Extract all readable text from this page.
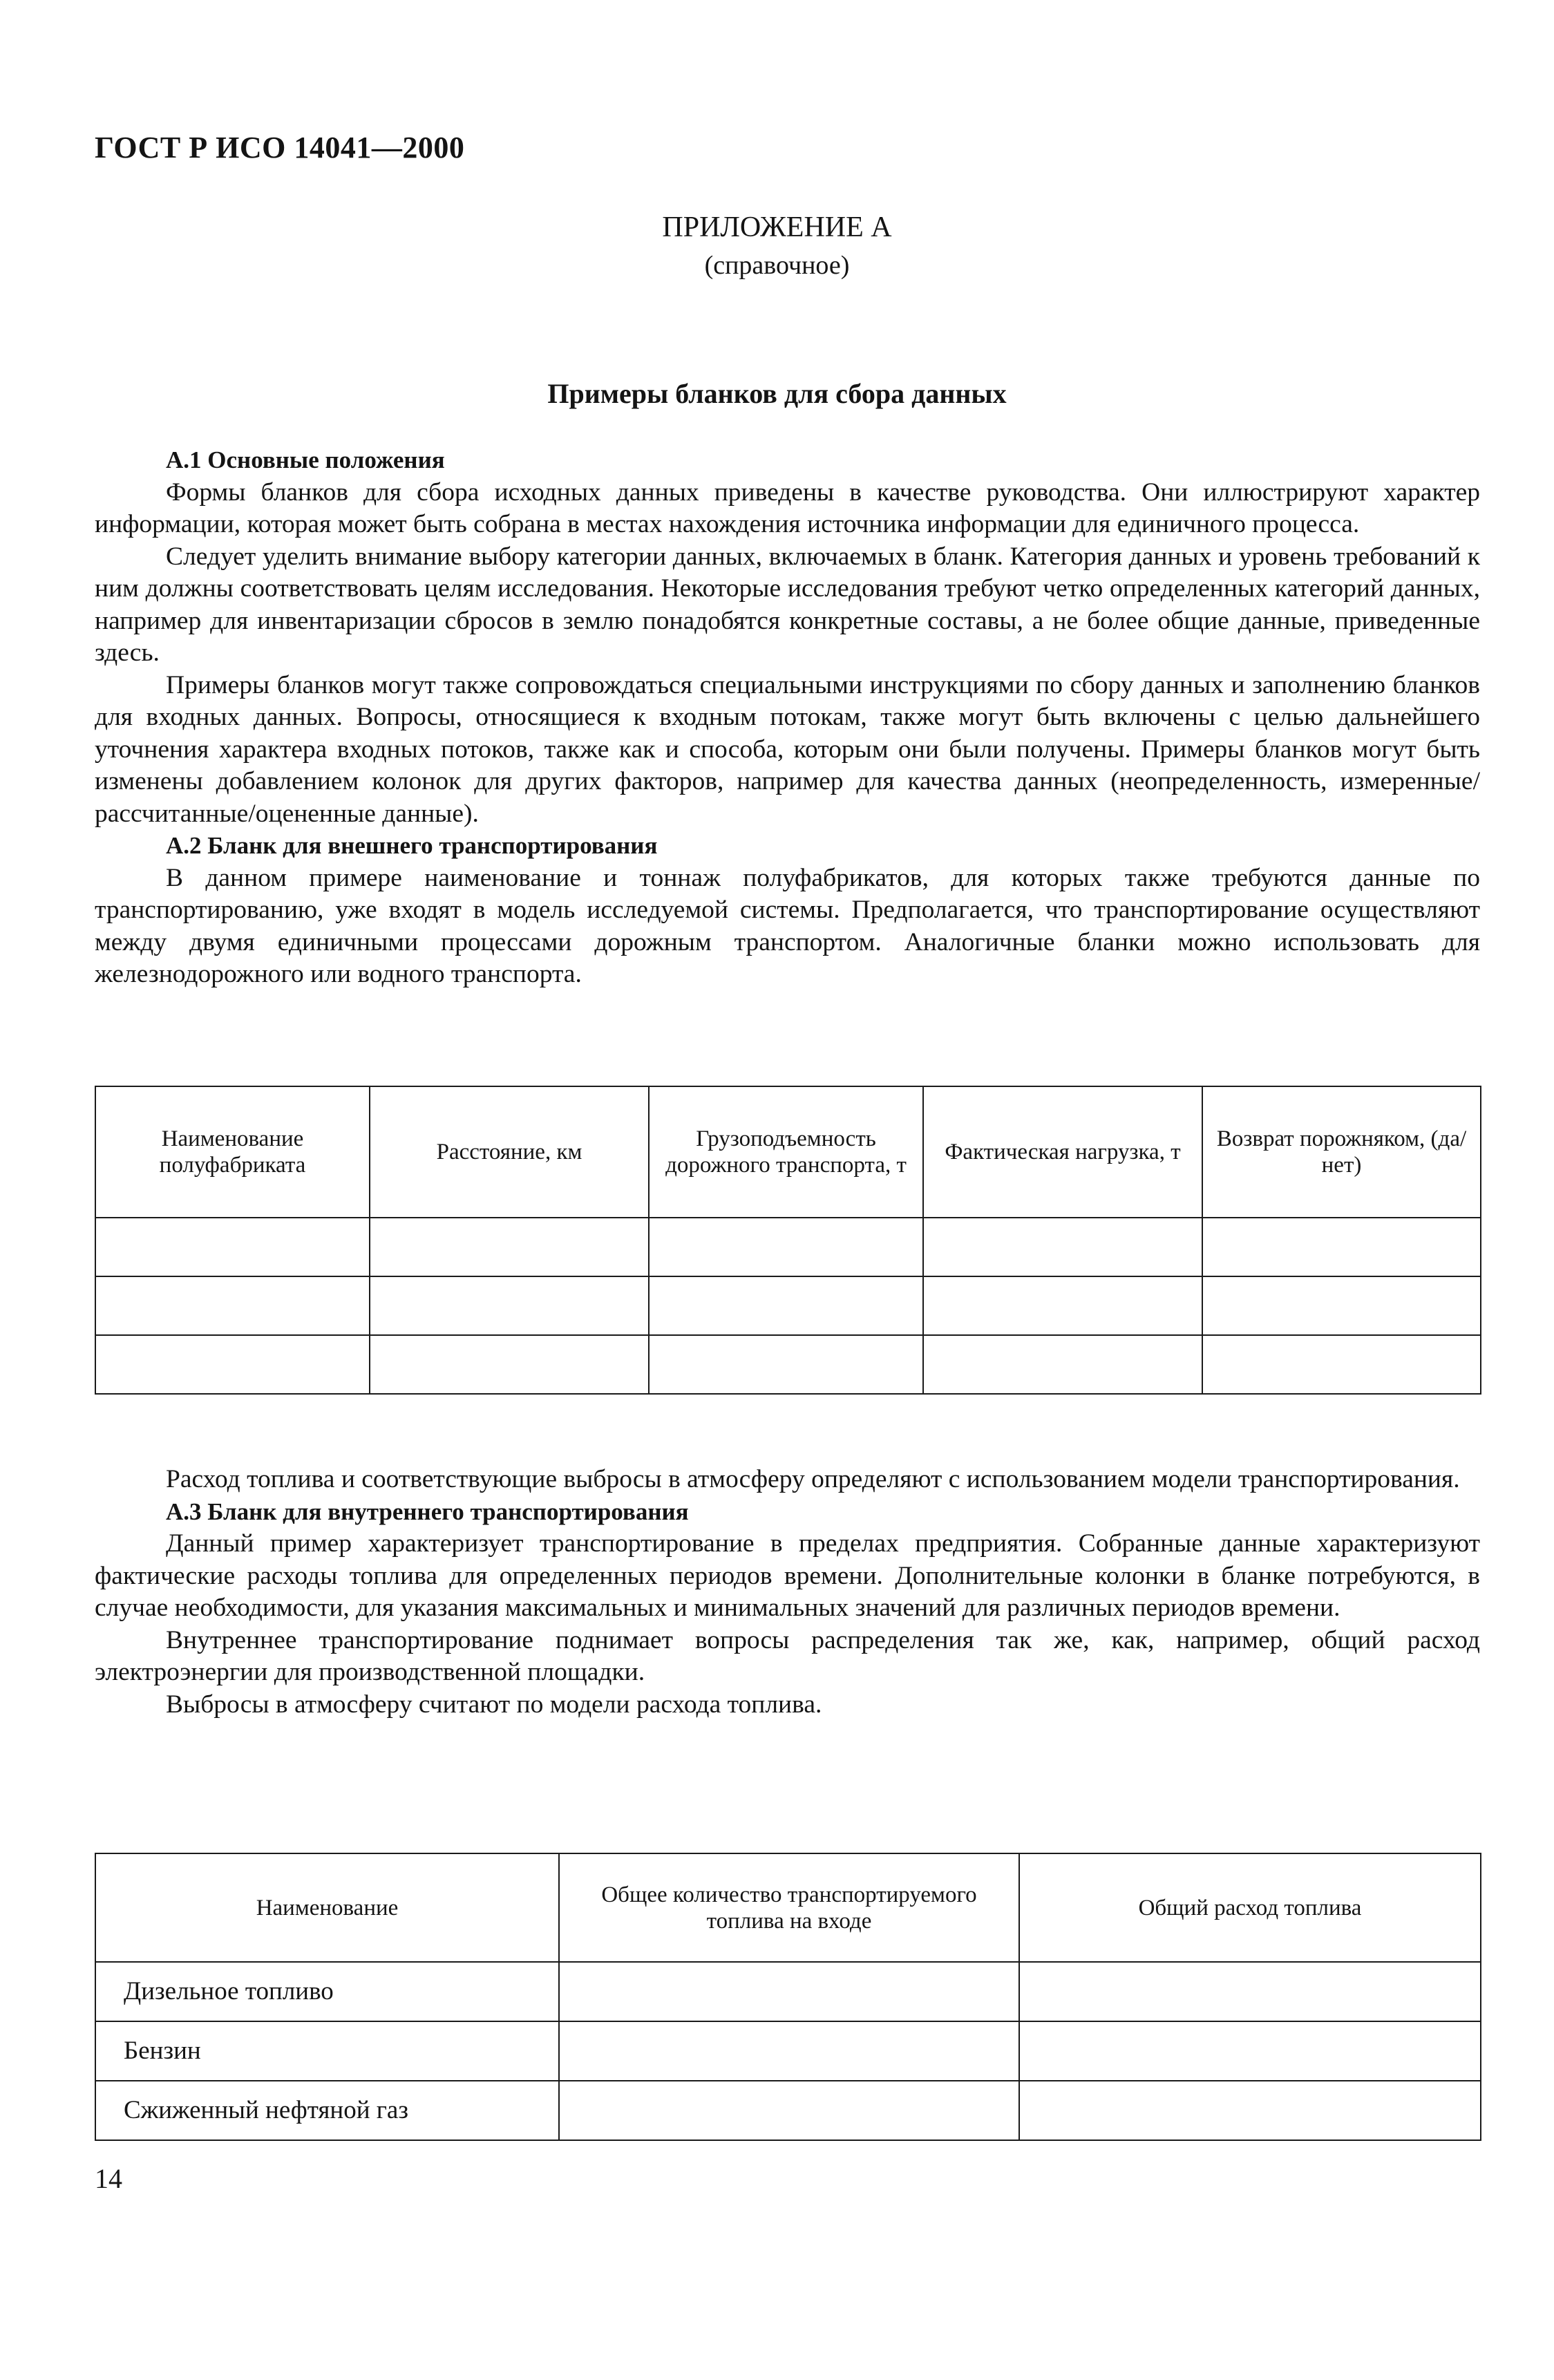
ГОСТ Р ИСО 14041—2000
ПРИЛОЖЕНИЕ А
(справочное)
Примеры бланков для сбора данных

А.1 Основные положения

Формы бланков для сбора исходных данных приведены в качестве руководства. Они иллюстрируют характер информации, которая может быть собрана в местах нахождения источника информации для единичного процесса.

Следует уделить внимание выбору категории данных, включаемых в бланк. Категория данных и уровень требований к ним должны соответствовать целям исследования. Некоторые исследования требуют четко определенных категорий данных, например для инвентаризации сбросов в землю понадобятся конкретные составы, а не более общие данные, приведенные здесь.

Примеры бланков могут также сопровождаться специальными инструкциями по сбору данных и заполнению бланков для входных данных. Вопросы, относящиеся к входным потокам, также могут быть включены с целью дальнейшего уточнения характера входных потоков, также как и способа, которым они были получены. Примеры бланков могут быть изменены добавлением колонок для других факторов, например для качества данных (неопределенность, измеренные/рассчитанные/оцененные данные).

А.2 Бланк для внешнего транспортирования

В данном примере наименование и тоннаж полуфабрикатов, для которых также требуются данные по транспортированию, уже входят в модель исследуемой системы. Предполагается, что транспортирование осуществляют между двумя единичными процессами дорожным транспортом. Аналогичные бланки можно использовать для железнодорожного или водного транспорта.

Наименование полуфабриката	Расстояние, км	Грузоподъемность дорожного транспорта, т	Фактическая нагрузка, т	Возврат порожняком, (да/нет)

Расход топлива и соответствующие выбросы в атмосферу определяют с использованием модели транспортирования.

А.3 Бланк для внутреннего транспортирования

Данный пример характеризует транспортирование в пределах предприятия. Собранные данные характеризуют фактические расходы топлива для определенных периодов времени. Дополнительные колонки в бланке потребуются, в случае необходимости, для указания максимальных и минимальных значений для различных периодов времени.

Внутреннее транспортирование поднимает вопросы распределения так же, как, например, общий расход электроэнергии для производственной площадки.

Выбросы в атмосферу считают по модели расхода топлива.

Наименование	Общее количество транспортируемого топлива на входе	Общий расход топлива
Дизельное топливо		
Бензин		
Сжиженный нефтяной газ		
14
